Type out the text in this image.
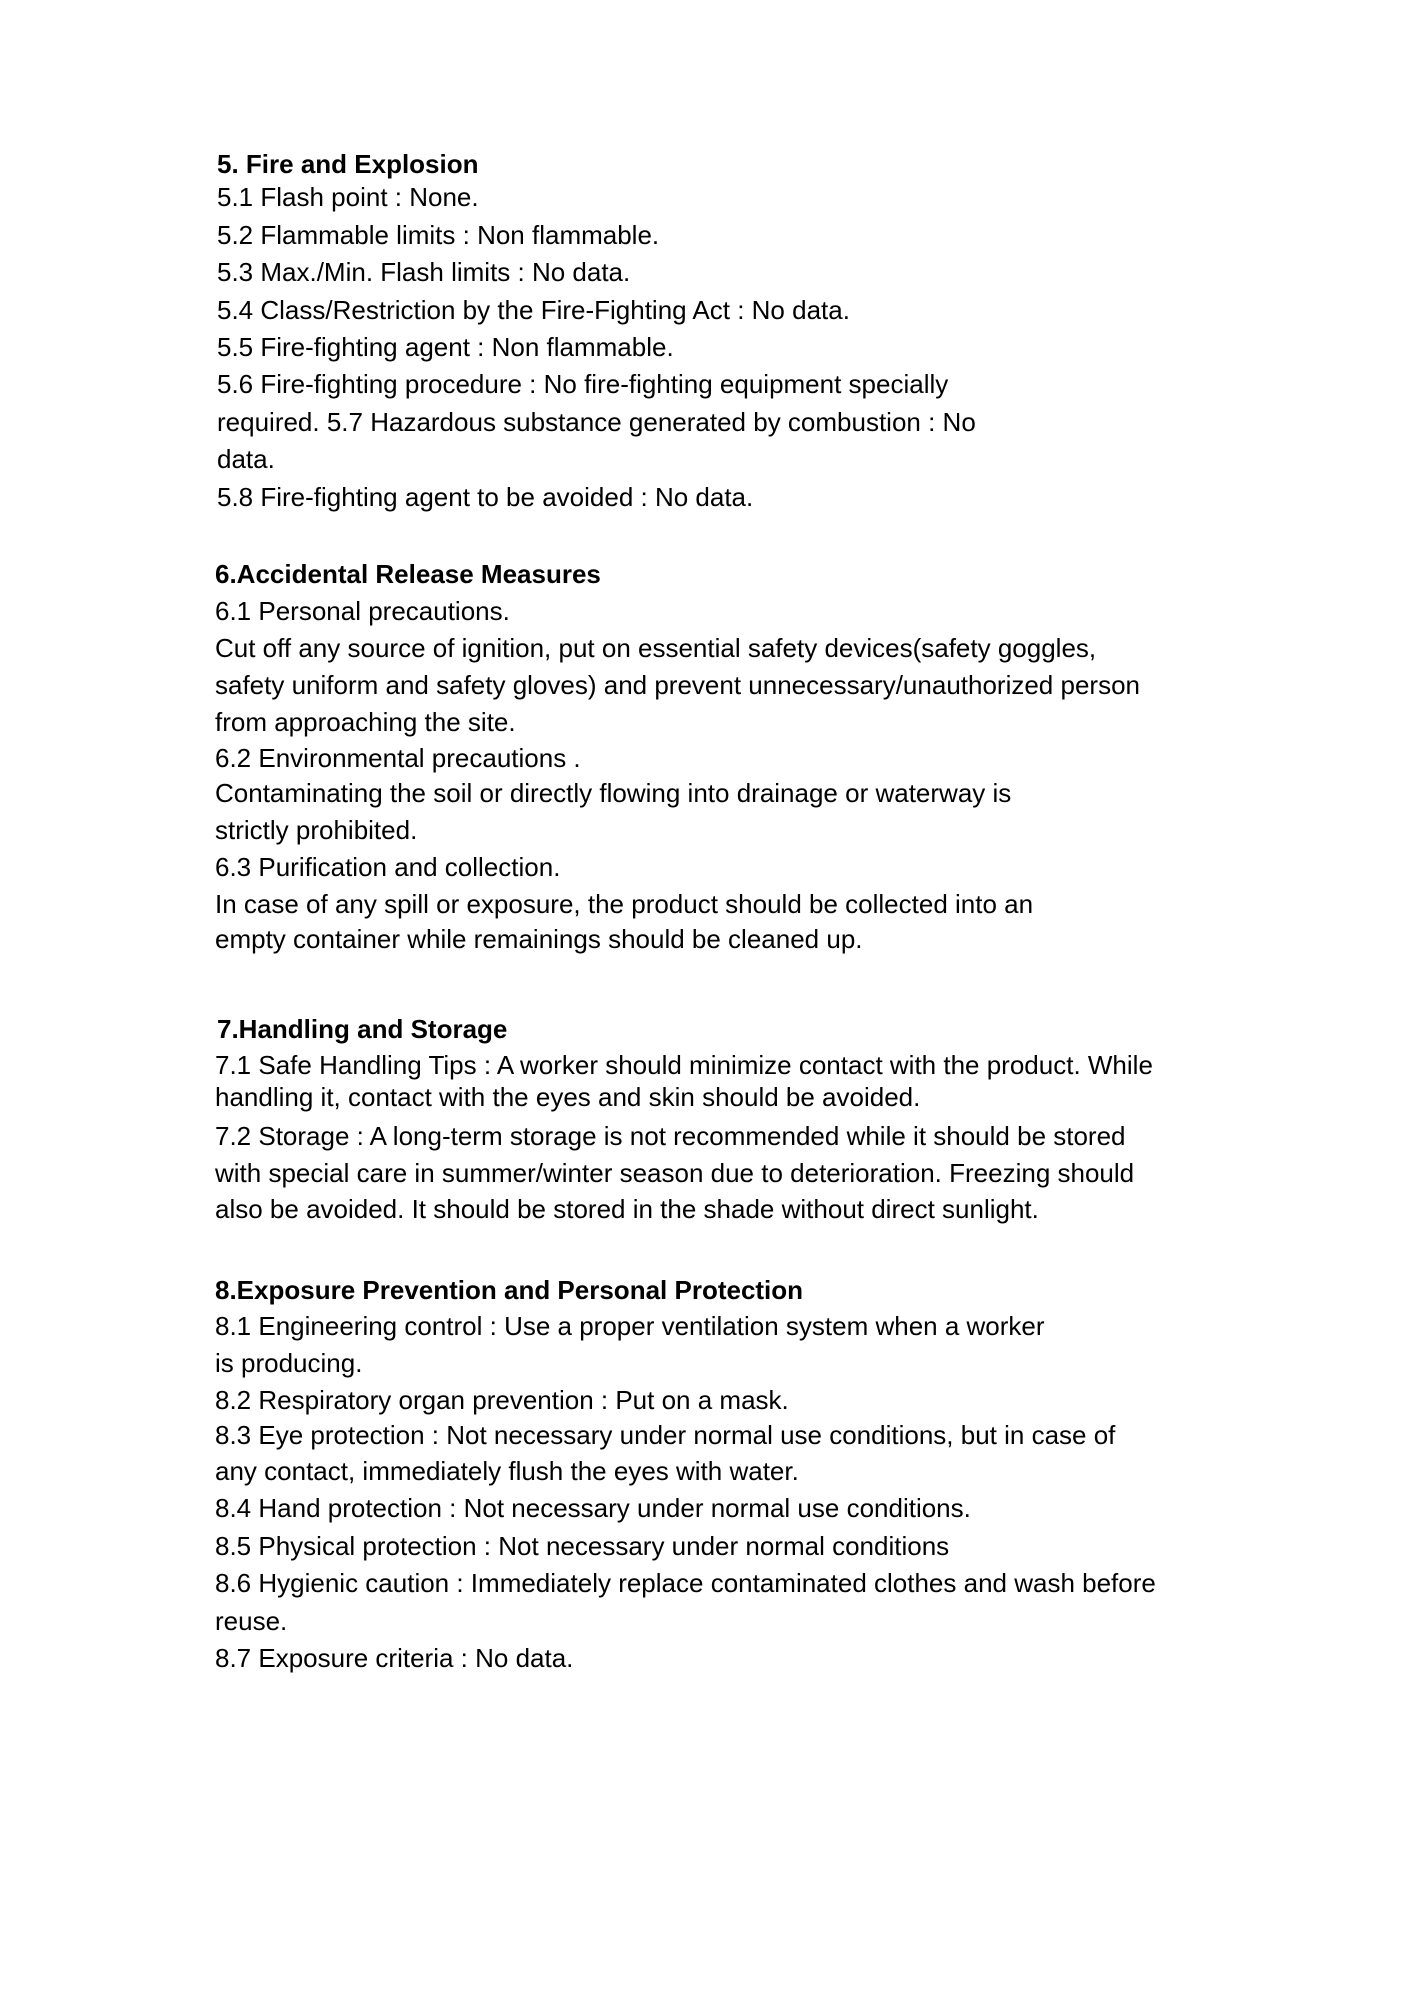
5. Fire and Explosion
5.1 Flash point : None.
5.2 Flammable limits : Non flammable.
5.3 Max./Min. Flash limits : No data.
5.4 Class/Restriction by the Fire-Fighting Act : No data.
5.5 Fire-fighting agent : Non flammable.
5.6 Fire-fighting procedure : No fire-fighting equipment specially
required. 5.7 Hazardous substance generated by combustion : No
data.
5.8 Fire-fighting agent to be avoided : No data.
6.Accidental Release Measures
6.1 Personal precautions.
Cut off any source of ignition, put on essential safety devices(safety goggles,
safety uniform and safety gloves) and prevent unnecessary/unauthorized person
from approaching the site.
6.2 Environmental precautions .
Contaminating the soil or directly flowing into drainage or waterway is
strictly prohibited.
6.3 Purification and collection.
In case of any spill or exposure, the product should be collected into an
empty container while remainings should be cleaned up.
7.Handling and Storage
7.1 Safe Handling Tips : A worker should minimize contact with the product. While
handling it, contact with the eyes and skin should be avoided.
7.2 Storage : A long-term storage is not recommended while it should be stored
with special care in summer/winter season due to deterioration. Freezing should
also be avoided. It should be stored in the shade without direct sunlight.
8.Exposure Prevention and Personal Protection
8.1 Engineering control : Use a proper ventilation system when a worker
is producing.
8.2 Respiratory organ prevention : Put on a mask.
8.3 Eye protection : Not necessary under normal use conditions, but in case of
any contact, immediately flush the eyes with water.
8.4 Hand protection : Not necessary under normal use conditions.
8.5 Physical protection : Not necessary under normal conditions
8.6 Hygienic caution : Immediately replace contaminated clothes and wash before
reuse.
8.7 Exposure criteria : No data.
